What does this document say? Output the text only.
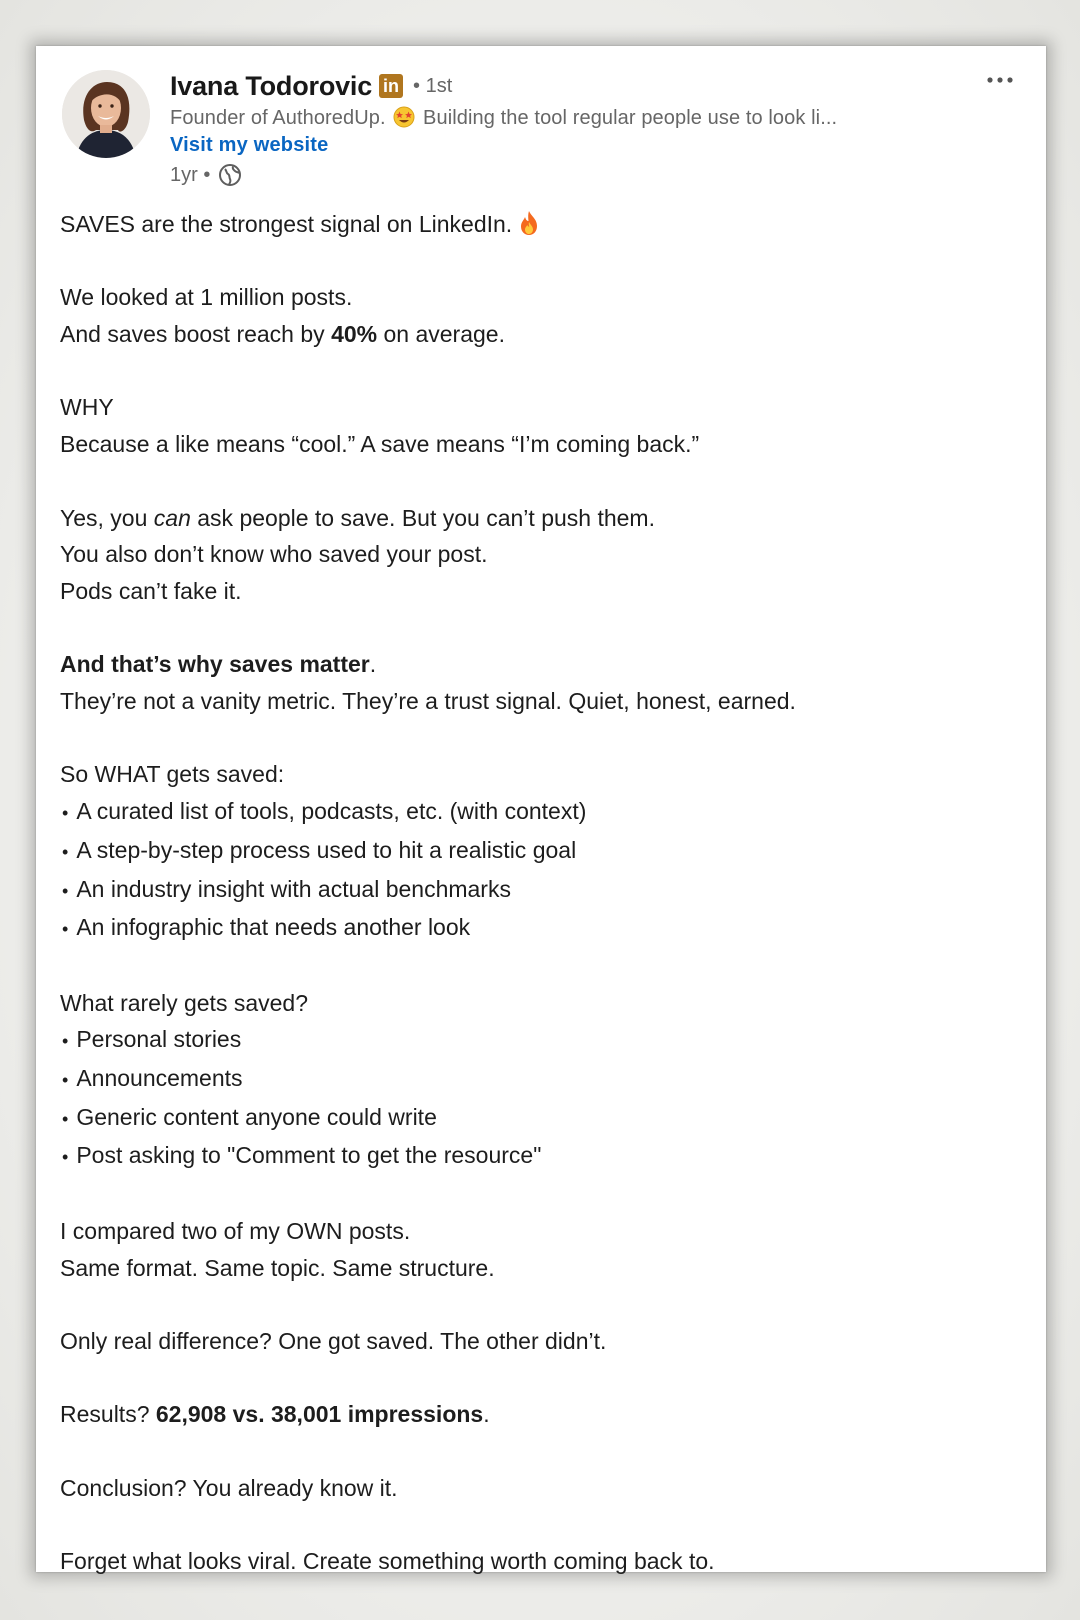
Ivana Todorovic in • 1st
Founder of AuthoredUp. Building the tool regular people use to look li...
Visit my website
1yr •

SAVES are the strongest signal on LinkedIn.

We looked at 1 million posts.

And saves boost reach by 40% on average.

WHY

Because a like means “cool.” A save means “I’m coming back.”

Yes, you can ask people to save. But you can’t push them.

You also don’t know who saved your post.

Pods can’t fake it.

And that’s why saves matter.

They’re not a vanity metric. They’re a trust signal. Quiet, honest, earned.

So WHAT gets saved:

• A curated list of tools, podcasts, etc. (with context)
• A step-by-step process used to hit a realistic goal
• An industry insight with actual benchmarks
• An infographic that needs another look

What rarely gets saved?

• Personal stories
• Announcements
• Generic content anyone could write
• Post asking to "Comment to get the resource"

I compared two of my OWN posts.

Same format. Same topic. Same structure.

Only real difference? One got saved. The other didn’t.

Results? 62,908 vs. 38,001 impressions.

Conclusion? You already know it.

Forget what looks viral. Create something worth coming back to.
